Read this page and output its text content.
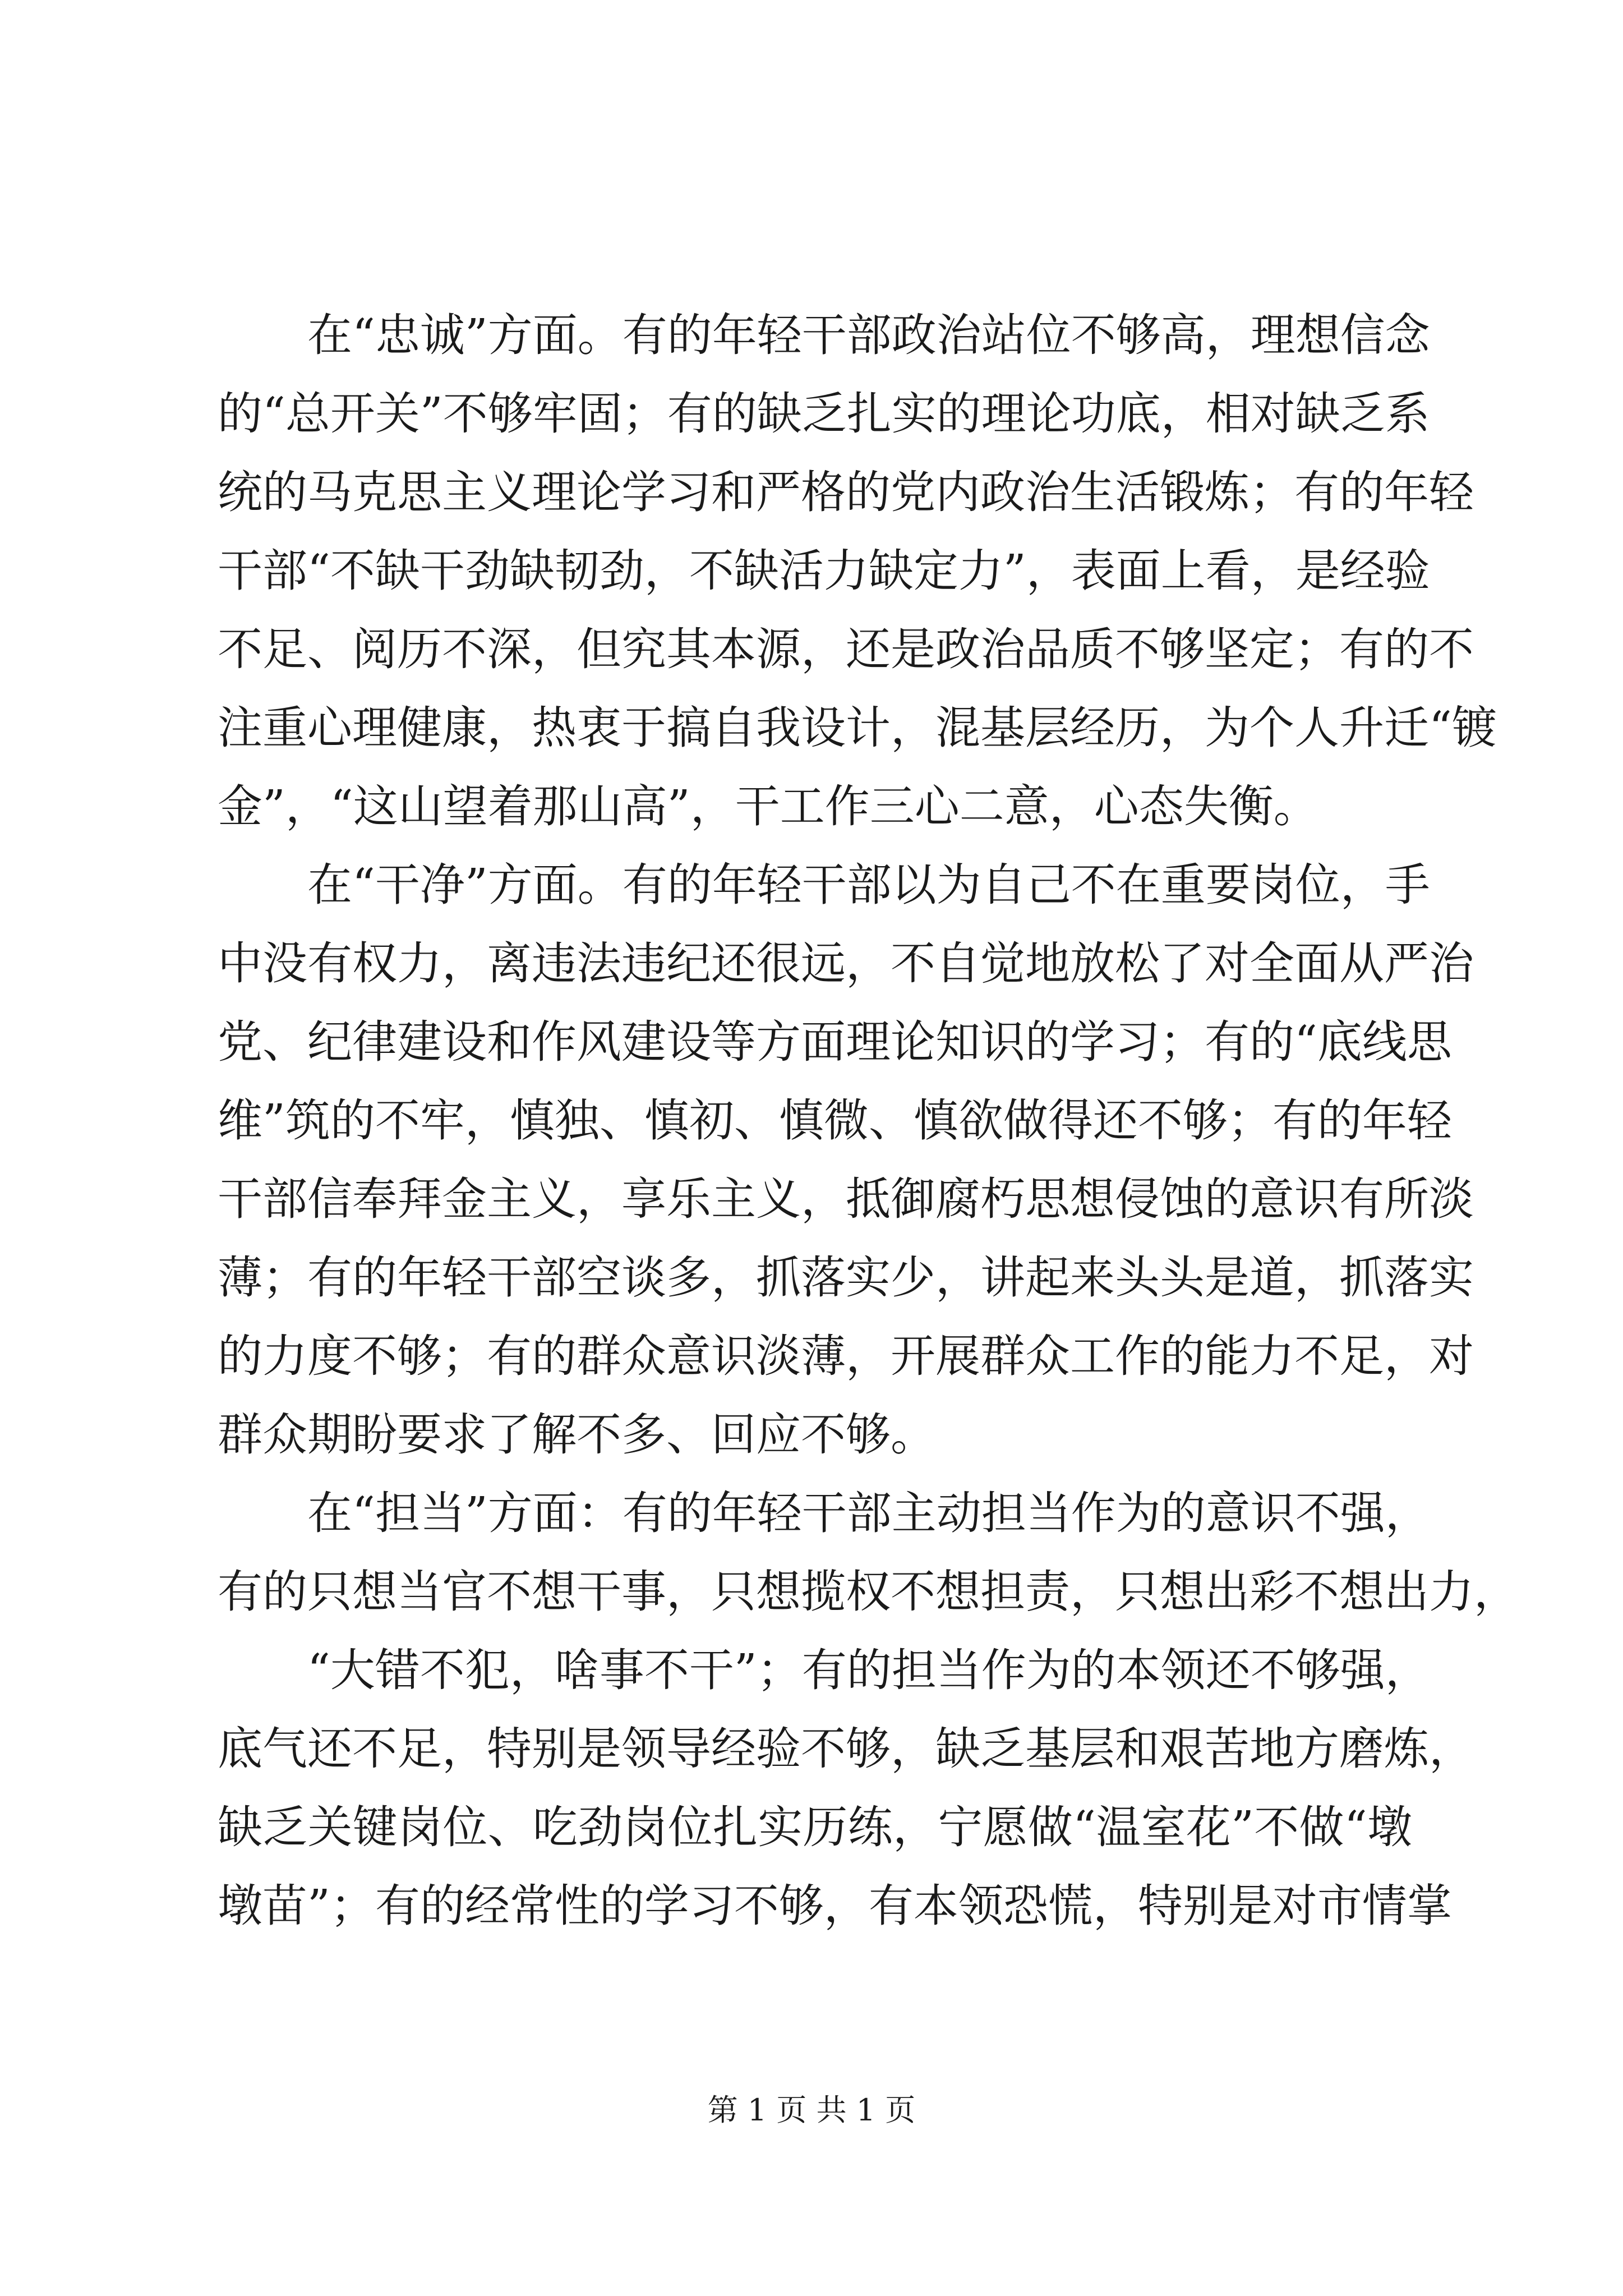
在“忠诚”方面。有的年轻干部政治站位不够高，理想信念
的“总开关”不够牢固；有的缺乏扎实的理论功底，相对缺乏系
统的马克思主义理论学习和严格的党内政治生活锻炼；有的年轻
干部“不缺干劲缺韧劲，不缺活力缺定力”，表面上看，是经验
不足、阅历不深，但究其本源，还是政治品质不够坚定；有的不
注重心理健康，热衷于搞自我设计，混基层经历，为个人升迁“镀
金”，“这山望着那山高”，干工作三心二意，心态失衡。
在“干净”方面。有的年轻干部以为自己不在重要岗位，手
中没有权力，离违法违纪还很远，不自觉地放松了对全面从严治
党、纪律建设和作风建设等方面理论知识的学习；有的“底线思
维”筑的不牢，慎独、慎初、慎微、慎欲做得还不够；有的年轻
干部信奉拜金主义，享乐主义，抵御腐朽思想侵蚀的意识有所淡
薄；有的年轻干部空谈多，抓落实少，讲起来头头是道，抓落实
的力度不够；有的群众意识淡薄，开展群众工作的能力不足，对
群众期盼要求了解不多、回应不够。
在“担当”方面：有的年轻干部主动担当作为的意识不强，
有的只想当官不想干事，只想揽权不想担责，只想出彩不想出力，
“大错不犯，啥事不干”；有的担当作为的本领还不够强，
底气还不足，特别是领导经验不够，缺乏基层和艰苦地方磨炼，
缺乏关键岗位、吃劲岗位扎实历练，宁愿做“温室花”不做“墩
墩苗”；有的经常性的学习不够，有本领恐慌，特别是对市情掌
第 1 页 共 1 页
